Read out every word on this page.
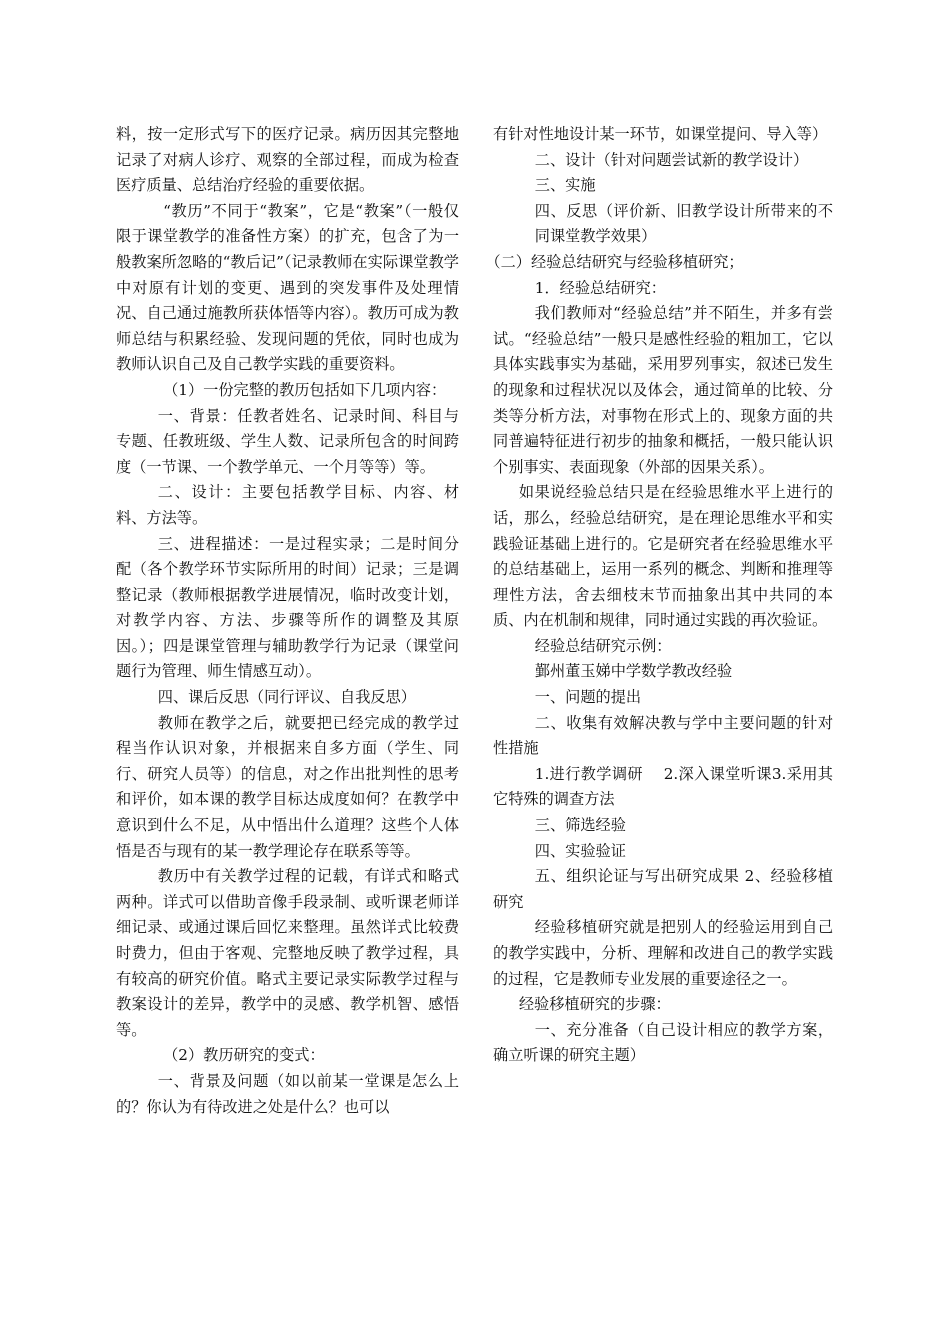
料，按一定形式写下的医疗记录。病历因其完整地记录了对病人诊疗、观察的全部过程，而成为检查医疗质量、总结治疗经验的重要依据。

“教历”不同于“教案”，它是“教案”（一般仅限于课堂教学的准备性方案）的扩充，包含了为一般教案所忽略的“教后记”（记录教师在实际课堂教学中对原有计划的变更、遇到的突发事件及处理情况、自己通过施教所获体悟等内容）。教历可成为教师总结与积累经验、发现问题的凭依，同时也成为教师认识自己及自己教学实践的重要资料。

（1）一份完整的教历包括如下几项内容：

一、背景：任教者姓名、记录时间、科目与专题、任教班级、学生人数、记录所包含的时间跨度（一节课、一个教学单元、一个月等等）等。

二、设计：主要包括教学目标、内容、材料、方法等。

三、进程描述：一是过程实录；二是时间分配（各个教学环节实际所用的时间）记录；三是调整记录（教师根据教学进展情况，临时改变计划，对教学内容、方法、步骤等所作的调整及其原因。）；四是课堂管理与辅助教学行为记录（课堂问题行为管理、师生情感互动）。

四、课后反思（同行评议、自我反思）

教师在教学之后，就要把已经完成的教学过程当作认识对象，并根据来自多方面（学生、同行、研究人员等）的信息，对之作出批判性的思考和评价，如本课的教学目标达成度如何？在教学中意识到什么不足，从中悟出什么道理？这些个人体悟是否与现有的某一教学理论存在联系等等。

教历中有关教学过程的记载，有详式和略式两种。详式可以借助音像手段录制、或听课老师详细记录、或通过课后回忆来整理。虽然详式比较费时费力，但由于客观、完整地反映了教学过程，具有较高的研究价值。略式主要记录实际教学过程与教案设计的差异，教学中的灵感、教学机智、感悟等。

（2）教历研究的变式：

一、背景及问题（如以前某一堂课是怎么上的？你认为有待改进之处是什么？也可以

有针对性地设计某一环节，如课堂提问、导入等）

二、设计（针对问题尝试新的教学设计）

三、实施

四、反思（评价新、旧教学设计所带来的不同课堂教学效果）

（二）经验总结研究与经验移植研究；

1．经验总结研究：

我们教师对“经验总结”并不陌生，并多有尝试。“经验总结”一般只是感性经验的粗加工，它以具体实践事实为基础，采用罗列事实，叙述已发生的现象和过程状况以及体会，通过简单的比较、分类等分析方法，对事物在形式上的、现象方面的共同普遍特征进行初步的抽象和概括，一般只能认识个别事实、表面现象（外部的因果关系）。

如果说经验总结只是在经验思维水平上进行的话，那么，经验总结研究，是在理论思维水平和实践验证基础上进行的。它是研究者在经验思维水平的总结基础上，运用一系列的概念、判断和推理等理性方法，舍去细枝末节而抽象出其中共同的本质、内在机制和规律，同时通过实践的再次验证。

经验总结研究示例：

鄞州董玉娣中学数学教改经验

一、问题的提出

二、收集有效解决教与学中主要问题的针对性措施

1.进行教学调研　 2.深入课堂听课3.采用其它特殊的调查方法

三、筛选经验

四、实验验证

五、组织论证与写出研究成果 2、经验移植研究

经验移植研究就是把别人的经验运用到自己的教学实践中，分析、理解和改进自己的教学实践的过程，它是教师专业发展的重要途径之一。

经验移植研究的步骤：

一、充分准备（自己设计相应的教学方案，确立听课的研究主题）
